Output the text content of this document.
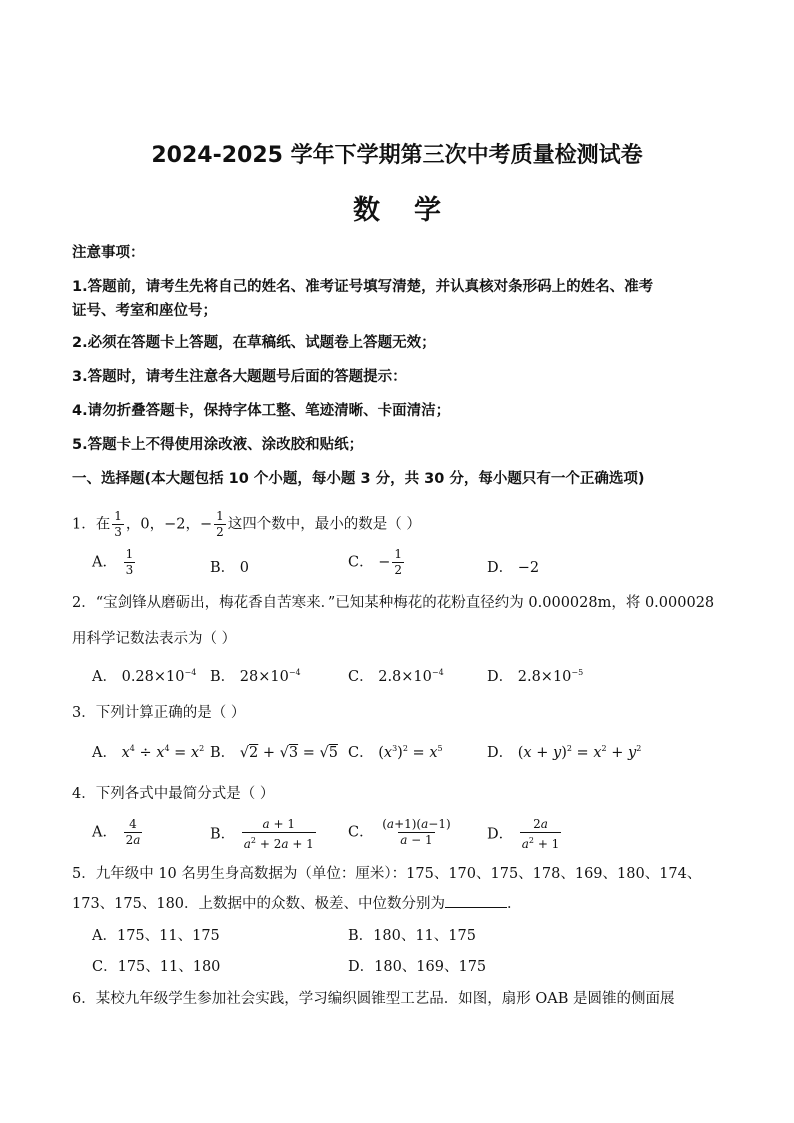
2024-2025 学年下学期第三次中考质量检测试卷
数 学
注意事项：
1.答题前，请考生先将自己的姓名、准考证号填写清楚，并认真核对条形码上的姓名、准考
证号、考室和座位号；
2.必须在答题卡上答题，在草稿纸、试题卷上答题无效；
3.答题时，请考生注意各大题题号后面的答题提示：
4.请勿折叠答题卡，保持字体工整、笔迹清晰、卡面清洁；
5.答题卡上不得使用涂改液、涂改胶和贴纸；
一、选择题(本大题包括 10 个小题，每小题 3 分，共 30 分，每小题只有一个正确选项)
1．在 $\frac{1}{3}$ ，0，−2，− $\frac{1}{2}$ 这四个数中，最小的数是（ ）
A． $\frac{1}{3}$	B． 0	C． − $\frac{1}{2}$	D． −2
2．“宝剑锋从磨砺出，梅花香自苦寒来．”已知某种梅花的花粉直径约为 0.000028m，将 0.000028
用科学记数法表示为（ ）
A． $0.28\times 10^{-4}$ B． $28\times 10^{-4}$	C． $2.8\times 10^{-4}$	D． $2.8\times 10^{-5}$
3．下列计算正确的是（ ）
A． $x^4 \div x^4 = x^2$ B． √2 + √3 = √5 C． $(x^3)^2 = x^5$	D． $(x + y)^2 = x^2 + y^2$
4．下列各式中最简分式是（ ）
A． $\frac{4}{2a}$	B． $\frac{a + 1}{a^2 + 2a + 1}$ C． $\frac{(a+1)(a-1)}{a - 1}$ D． $\frac{2a}{a^2 + 1}$
5．九年级中 10 名男生身高数据为（单位：厘米）：175、170、175、178、169、180、174、
173、175、180．上数据中的众数、极差、中位数分别为	．
A．175、11、175	B．180、11、175
C．175、11、180	D．180、169、175
6．某校九年级学生参加社会实践，学习编织圆锥型工艺品．如图，扇形 OAB 是圆锥的侧面展
